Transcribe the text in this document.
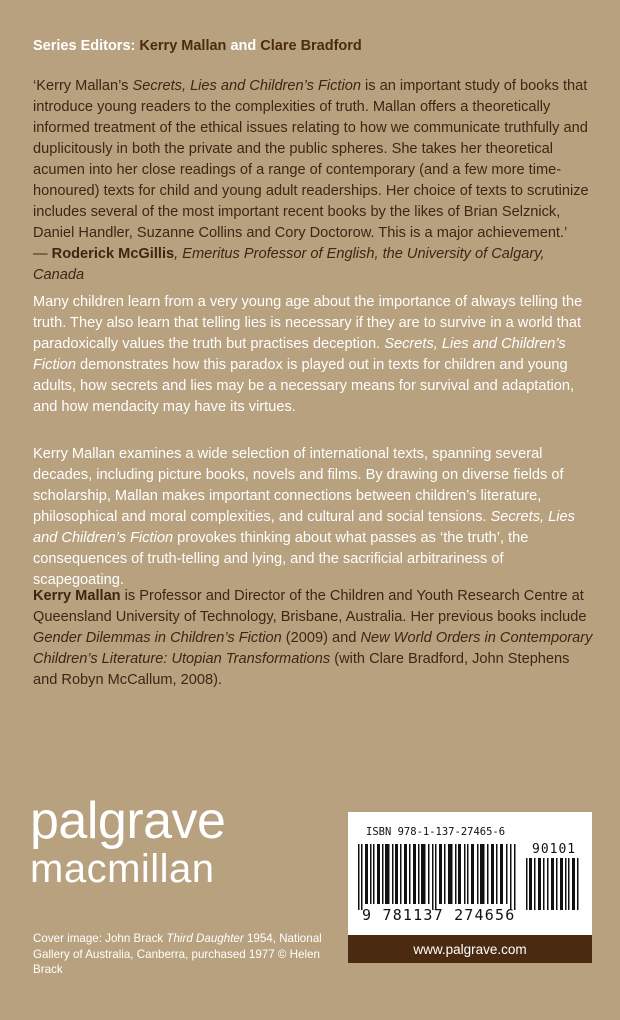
Series Editors: Kerry Mallan and Clare Bradford
‘Kerry Mallan’s Secrets, Lies and Children’s Fiction is an important study of books that introduce young readers to the complexities of truth. Mallan offers a theoretically informed treatment of the ethical issues relating to how we communicate truthfully and duplicitously in both the private and the public spheres. She takes her theoretical acumen into her close readings of a range of contemporary (and a few more time-honoured) texts for child and young adult readerships. Her choice of texts to scrutinize includes several of the most important recent books by the likes of Brian Selznick, Daniel Handler, Suzanne Collins and Cory Doctorow. This is a major achievement.’
— Roderick McGillis, Emeritus Professor of English, the University of Calgary, Canada
Many children learn from a very young age about the importance of always telling the truth. They also learn that telling lies is necessary if they are to survive in a world that paradoxically values the truth but practises deception. Secrets, Lies and Children’s Fiction demonstrates how this paradox is played out in texts for children and young adults, how secrets and lies may be a necessary means for survival and adaptation, and how mendacity may have its virtues.
Kerry Mallan examines a wide selection of international texts, spanning several decades, including picture books, novels and films. By drawing on diverse fields of scholarship, Mallan makes important connections between children’s literature, philosophical and moral complexities, and cultural and social tensions. Secrets, Lies and Children’s Fiction provokes thinking about what passes as ‘the truth’, the consequences of truth-telling and lying, and the sacrificial arbitrariness of scapegoating.
Kerry Mallan is Professor and Director of the Children and Youth Research Centre at Queensland University of Technology, Brisbane, Australia. Her previous books include Gender Dilemmas in Children’s Fiction (2009) and New World Orders in Contemporary Children’s Literature: Utopian Transformations (with Clare Bradford, John Stephens and Robyn McCallum, 2008).
palgrave
macmillan
Cover image: John Brack Third Daughter 1954, National Gallery of Australia, Canberra, purchased 1977 © Helen Brack
ISBN 978-1-137-27465-6
90101
9 781137 274656
www.palgrave.com
